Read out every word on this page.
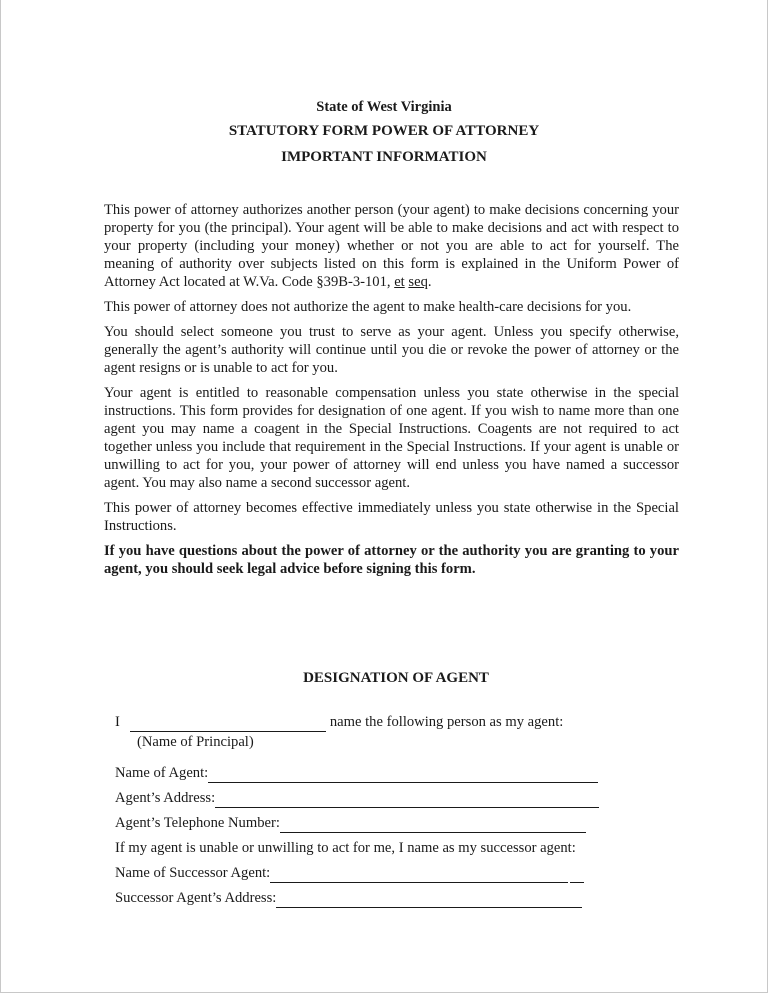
State of West Virginia
STATUTORY FORM POWER OF ATTORNEY
IMPORTANT INFORMATION

This power of attorney authorizes another person (your agent) to make decisions concerning your property for you (the principal). Your agent will be able to make decisions and act with respect to your property (including your money) whether or not you are able to act for yourself. The meaning of authority over subjects listed on this form is explained in the Uniform Power of Attorney Act located at W.Va. Code §39B-3-101, et seq.

This power of attorney does not authorize the agent to make health-care decisions for you.

You should select someone you trust to serve as your agent. Unless you specify otherwise, generally the agent’s authority will continue until you die or revoke the power of attorney or the agent resigns or is unable to act for you.

Your agent is entitled to reasonable compensation unless you state otherwise in the special instructions. This form provides for designation of one agent. If you wish to name more than one agent you may name a coagent in the Special Instructions. Coagents are not required to act together unless you include that requirement in the Special Instructions. If your agent is unable or unwilling to act for you, your power of attorney will end unless you have named a successor agent. You may also name a second successor agent.

This power of attorney becomes effective immediately unless you state otherwise in the Special Instructions.

If you have questions about the power of attorney or the authority you are granting to your agent, you should seek legal advice before signing this form.

DESIGNATION OF AGENT
I	name the following person as my agent:
(Name of Principal)
Name of Agent:
Agent’s Address:
Agent’s Telephone Number:
If my agent is unable or unwilling to act for me, I name as my successor agent:
Name of Successor Agent:
Successor Agent’s Address:
